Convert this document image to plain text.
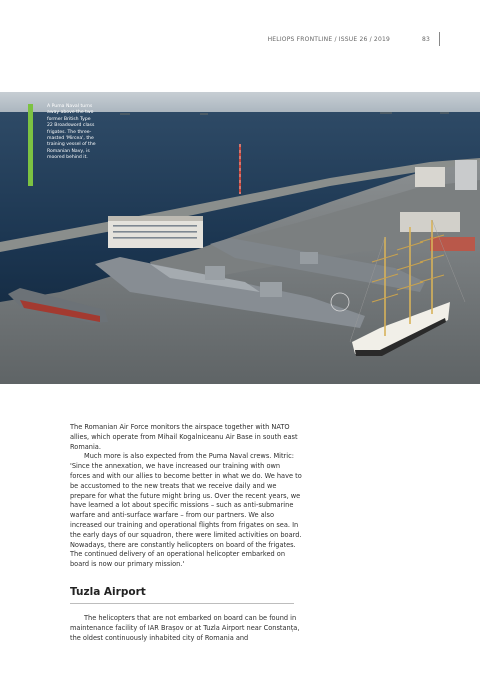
HELIOPS FRONTLINE / ISSUE 26 / 2019	83
A Puma Naval turns away above the two former British Type 22 Broadsword class frigates. The three-masted 'Mircea', the training vessel of the Romanian Navy, is moored behind it.

The Romanian Air Force monitors the airspace together with NATO allies, which operate from Mihail Kogalniceanu Air Base in south east Romania.

Much more is also expected from the Puma Naval crews. Mitric: 'Since the annexation, we have increased our training with own forces and with our allies to become better in what we do. We have to be accustomed to the new treats that we receive daily and we prepare for what the future might bring us. Over the recent years, we have learned a lot about specific missions – such as anti-submarine warfare and anti-surface warfare – from our partners. We also increased our training and operational flights from frigates on sea. In the early days of our squadron, there were limited activities on board. Nowadays, there are constantly helicopters on board of the frigates. The continued delivery of an operational helicopter embarked on board is now our primary mission.'

Tuzla Airport

The helicopters that are not embarked on board can be found in maintenance facility of IAR Brașov or at Tuzla Airport near Constanța, the oldest continuously inhabited city of Romania and
